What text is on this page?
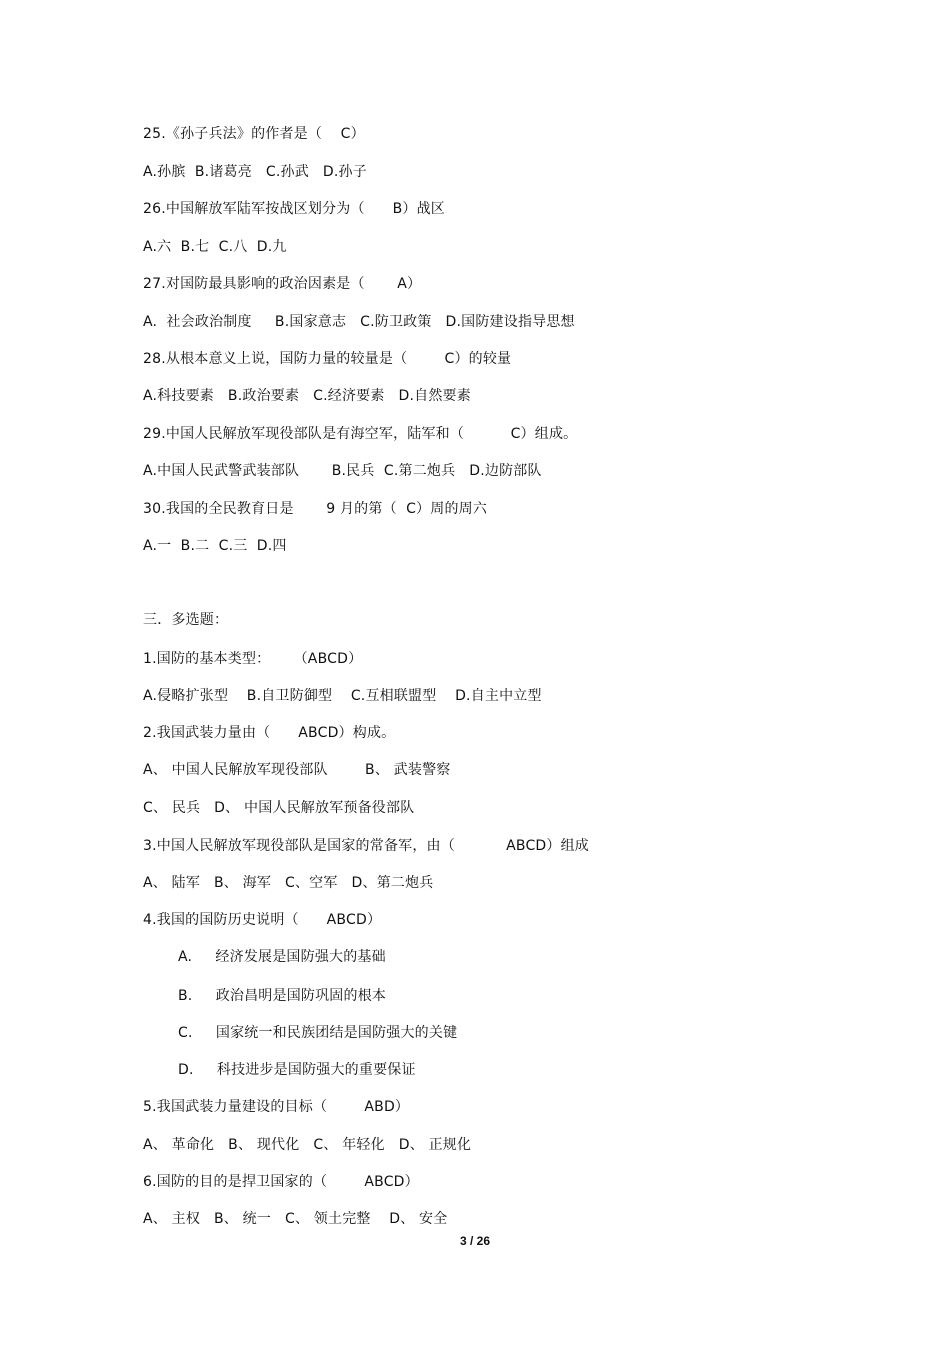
25.《孙子兵法》的作者是（    C）
A.孙膑  B.诸葛亮   C.孙武   D.孙子
26.中国解放军陆军按战区划分为（      B）战区
A.六  B.七  C.八  D.九
27.对国防最具影响的政治因素是（       A）
A.  社会政治制度     B.国家意志   C.防卫政策   D.国防建设指导思想
28.从根本意义上说，国防力量的较量是（        C）的较量
A.科技要素   B.政治要素   C.经济要素   D.自然要素
29.中国人民解放军现役部队是有海空军，陆军和（          C）组成。
A.中国人民武警武装部队       B.民兵  C.第二炮兵   D.边防部队
30.我国的全民教育日是       9 月的第（  C）周的周六
A.一  B.二  C.三  D.四
三．多选题：
1.国防的基本类型：     （ABCD）
A.侵略扩张型    B.自卫防御型    C.互相联盟型    D.自主中立型
2.我国武装力量由（      ABCD）构成。
A、 中国人民解放军现役部队        B、 武装警察
C、 民兵   D、 中国人民解放军预备役部队
3.中国人民解放军现役部队是国家的常备军，由（           ABCD）组成
A、 陆军   B、 海军   C、空军   D、第二炮兵
4.我国的国防历史说明（      ABCD）
A.     经济发展是国防强大的基础
B.     政治昌明是国防巩固的根本
C.     国家统一和民族团结是国防强大的关键
D.     科技进步是国防强大的重要保证
5.我国武装力量建设的目标（        ABD）
A、 革命化   B、 现代化   C、 年轻化   D、 正规化
6.国防的目的是捍卫国家的（        ABCD）
A、 主权   B、 统一   C、 领土完整    D、 安全
3 / 26
